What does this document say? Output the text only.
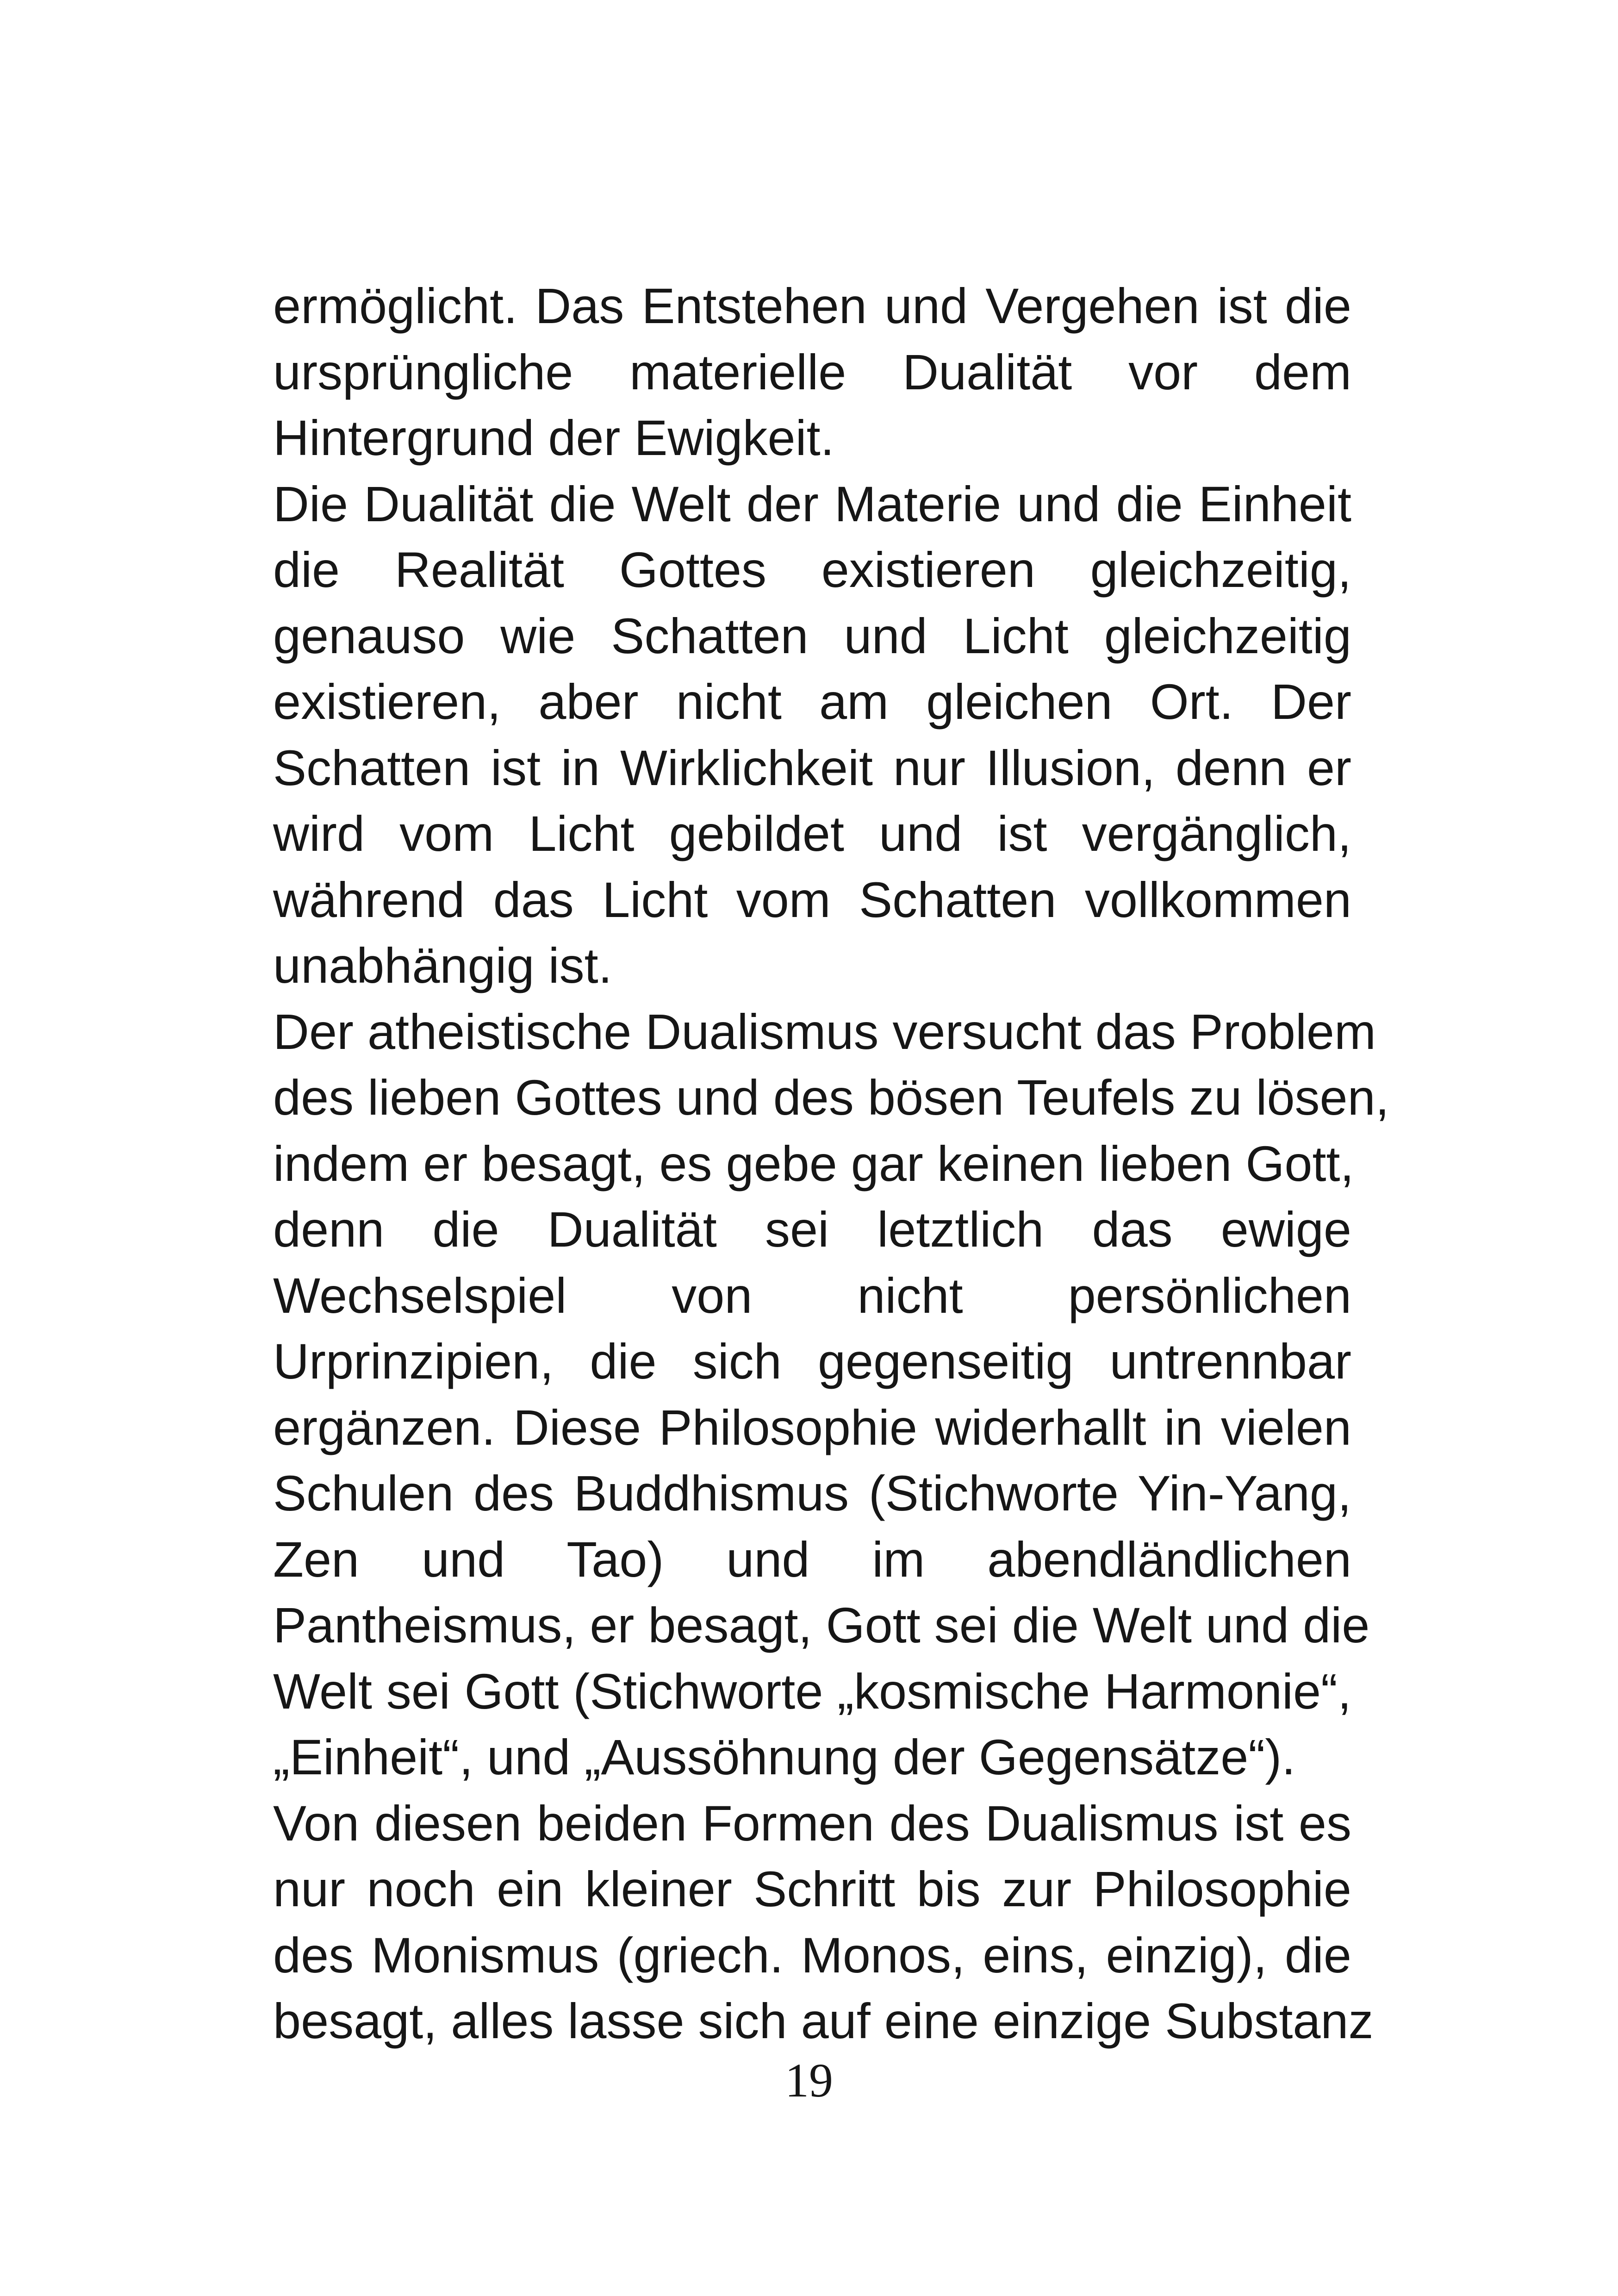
ermöglicht. Das Entstehen und Vergehen ist die
ursprüngliche materielle Dualität vor dem
Hintergrund der Ewigkeit.
Die Dualität die Welt der Materie und die Einheit
die Realität Gottes existieren gleichzeitig,
genauso wie Schatten und Licht gleichzeitig
existieren, aber nicht am gleichen Ort. Der
Schatten ist in Wirklichkeit nur Illusion, denn er
wird vom Licht gebildet und ist vergänglich,
während das Licht vom Schatten vollkommen
unabhängig ist.
Der atheistische Dualismus versucht das Problem
des lieben Gottes und des bösen Teufels zu lösen,
indem er besagt, es gebe gar keinen lieben Gott,
denn die Dualität sei letztlich das ewige
Wechselspiel von nicht persönlichen
Urprinzipien, die sich gegenseitig untrennbar
ergänzen. Diese Philosophie widerhallt in vielen
Schulen des Buddhismus (Stichworte Yin-Yang,
Zen und Tao) und im abendländlichen
Pantheismus, er besagt, Gott sei die Welt und die
Welt sei Gott (Stichworte „kosmische Harmonie“,
„Einheit“, und „Aussöhnung der Gegensätze“).
Von diesen beiden Formen des Dualismus ist es
nur noch ein kleiner Schritt bis zur Philosophie
des Monismus (griech. Monos, eins, einzig), die
besagt, alles lasse sich auf eine einzige Substanz
19
